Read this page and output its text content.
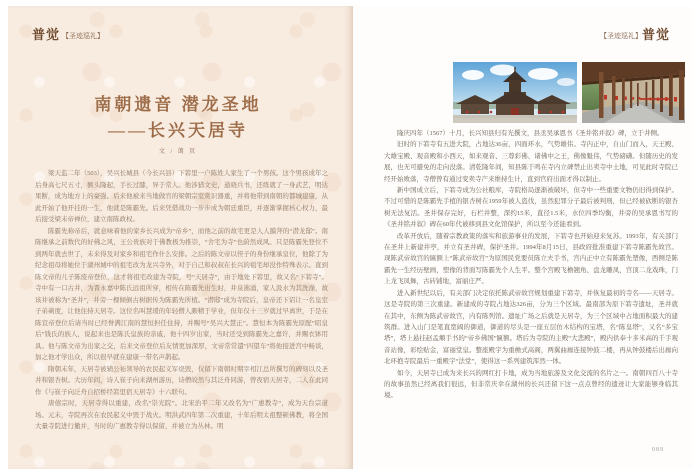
普觉 【圣迹巡礼】
南朝遗音 潜龙圣地
——长兴天居寺
文 / 蔼 页

梁天监二年（503），吴兴长城县（今长兴县）下箬里一户陈姓人家生了一个男孩。这个男孩成年之后身高七尺五寸，额头隆起，手长过膝，异于常人。他涉猎文史，通晓兵书，还练就了一身武艺，明达果断，成为地方上的豪强。后来他被来当地做官的梁朝宗室赏识器重，并将他带到南朝的都城建康，从此开始了他开挂的一生，他就是陈霸先。后来凭借战功一步步成为朝廷重臣，并逐渐掌握核心权力，最后接受梁末帝禅位，建立南陈政权。

陈霸先称帝后，就意味着他的家乡长兴成为“帝乡”，而他之前的故宅更是人人膜拜的“潜龙邸”。南陈继承之前数代的好佛之风，王公贵族对于佛教极为推崇，“舍宅为寺”也蔚然成风。只是陈霸先登位不到两年就去世了，未来得及对家乡和祖宅作什么安排。之后的陈文帝以侄子的身份继承皇位，他除了为纪念祖母将她位于湖州城中的祖宅改为龙兴寺外，对于自己和叔叔在长兴的祖宅却没作特殊表示。直到陈文帝的儿子陈废帝登位，这才将祖宅改建为寺院，号“天居寺”，由于地处下箬里，故又名“下箬寺”。寺中有一口古井，为晋永嘉中陈氏远祖所穿，相传在陈霸先出生时，井泉沸涌，家人汲水为其洗澡，故该井被称为“圣井”，井旁一棵倾倒古树据传为陈霸先所植。“潜邸”成为寺院后，皇帝还下诏让一名皇室子弟剃度，让他住持天居寺。这位名叫慧瑗的年轻僧人颇精于学业，但年仅十三岁就过早离世，于是在陈宣帝登位后请当时已经誉满江南的慧恒担任住持，并赐号“吴兴大慧正”。慧恒本为陈霸先原配“昭皇后”钱氏的族人，说起来也是陈氏皇族的亲戚，他十四岁出家，当时还受到陈霸先之嘉许，并赐衣钵用具。他与陈文帝为出家之交，后来文帝登位后友情更加深厚，文帝常常遣“四望车”将他接进宫中畅谈，加之他才学出众，所以很早就在建康一带名声鹊起。

隋朝末年，天居寺被辅公祏领导的农民起义军烧毁，仅留下南朝时期宰相江总所撰写的碑刻以及圣井和银杏树。大历年间，诗人崔子向来湖州游历，诗僧皎然与其泛舟同游，曾夜宿天居寺，二人在此同作《与崔子向泛舟自招桥经箬里宿天居寺》十六联句。

唐僖宗时，天居寺得以重建，改名“崇光院”。北宋治平二年又改名为“广惠教寺”，成为天台宗道场。元末，寺院再次在农民起义中毁于战火。明洪武四年第二次重建，十年后明太祖整顿佛教，将全国大量寺院进行撤并，当时的广惠教寺得以保留，并被立为丛林。明

【圣迹巡礼】普觉

隆庆四年（1567）十月，长兴知县归有光撰文，县丞吴承恩书《圣井铭并叙》碑，立于井侧。

旧时的下箬寺有五进大院，占地达36亩，四面环水，气势雄伟。寺内正中，自山门而入，天王殿、大雄宝殿、观音殿和小西天，如来观音、三尊彩佛、诸佛中之王，佛像魁伟，气势磅礴。但随历史的发展，也无可避免的走向没落。清乾隆年间，知县陈于鸣在寺内立碑禁止出卖寺中土地，可见此时寺院已经开始败落，寺僧曾有通过变卖寺产来维持生计，直到官府出面才得以制止。

新中国成立后，下箬寺成为公社粮库，寺院格局逐渐被破坏，但寺中一些重要文物仍旧得到保护。不过可惜的是陈霸先手植的银杏树在1959年被人盗伐，虽然犯罪分子最后被判刑，但已经被砍断的银杏树无法复活。圣井保存完好，石栏井整，深约15米，直径1.5米，水位四季均衡，井旁的吴承恩书写的《圣井铭并叙》碑在60年代被移到县文化馆保护，所以至今还能看到。

改革开放后，随着宗教政策的落实和旅游事业的发展，下箬寺也开始迎来复苏。1993年，有关部门在圣井上新建井亭，并立有圣井碑，保护圣井。1994年8月15日，县政府批准重建下箬寺陈霸先故宫。现陈武帝故宫的匾额上“陈武帝故宫”为原国民党要员陈立夫手书，宫内正中立有陈霸先塑像，西侧是陈霸先一生经历壁画，塑像的背面写陈霸先个人生平。整个宫殿飞檐翘角、盘龙雕凤，宫顶二龙戏珠，门上龙飞凤舞，古砖铺地，富丽庄严。

进入新世纪以后，有关部门决定依托陈武帝故宫规划重建下箬寺，并恢复最初的寺名——天居寺。这是寺院的第三次重建。新建成的寺院占地达326亩，分为三个区域。最南部为原下箬寺遗址，圣井就在其中，东侧为陈武帝故宫，内有陈列馆。遗址广场之后就是天居寺，为三个区域中占地面积最大的建筑群。进入山门是笔直宽阔的御道，御道的尽头是一座五层仿木结构的宝塔，名“陈皇塔”，又名“多宝塔”，塔上悬挂赵孟頫手书的“帝乡佛国”匾额。塔后为寺院的主殿“大悲殿”，殿内供奉十多米高的千手观音站像，彩绘贴金，富丽堂皇。整座殿宇为重檐式高阁，两翼曲廊连接钟鼓二楼，再从钟鼓楼后出廊向北环抱寺院最后一重殿宇“法堂”，使得这一系列建筑浑然一体。

如今，天居寺已成为来长兴的网红打卡地，成为当地旅游及文化交流的名片之一。南朝四百八十寺的故事虽然已经离我们很远，但非常庆幸在湖州的长兴还留下这一点点曾经的遗迹让大家能够身临其境。

089
